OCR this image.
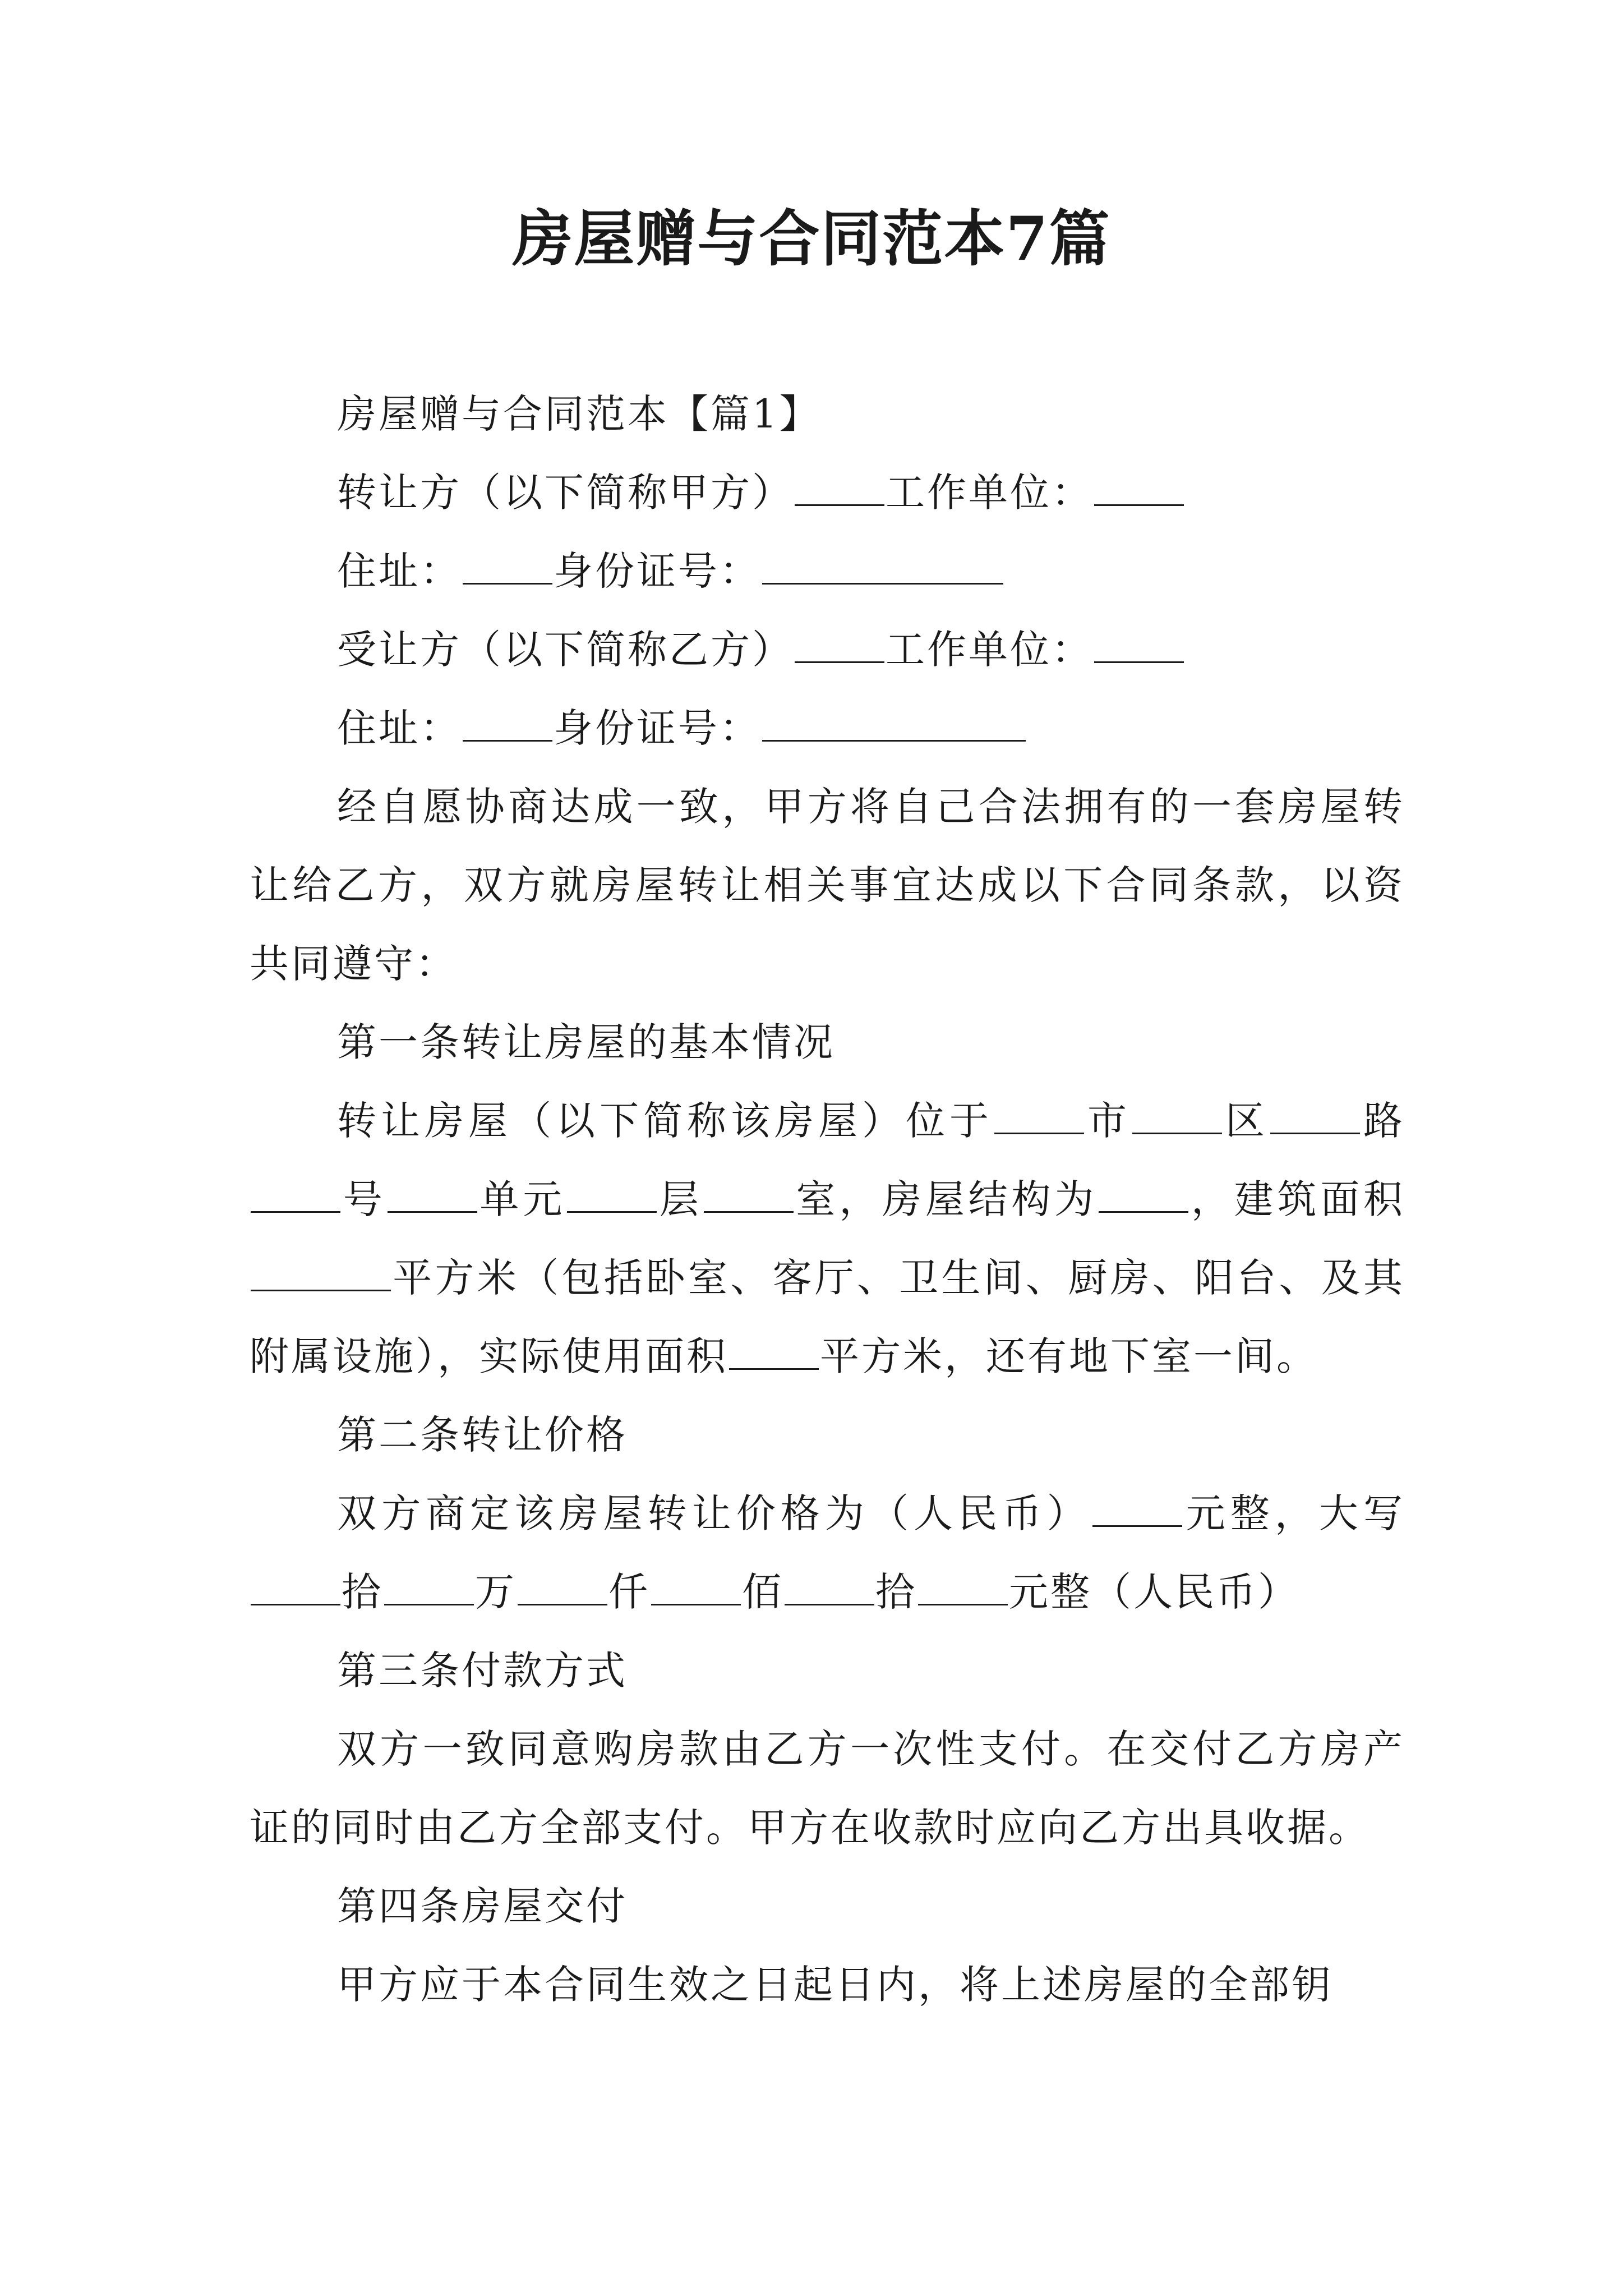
房屋赠与合同范本7篇

房屋赠与合同范本【篇1】

转让方（以下简称甲方） 工作单位：

住址： 身份证号：

受让方（以下简称乙方） 工作单位：

住址： 身份证号：

经自愿协商达成一致，甲方将自己合法拥有的一套房屋转让给乙方，双方就房屋转让相关事宜达成以下合同条款，以资共同遵守：

第一条转让房屋的基本情况

转让房屋（以下简称该房屋）位于 市 区 路号 单元 层 室，房屋结构为 ，建筑面积平方米（包括卧室、客厅、卫生间、厨房、阳台、及其附属设施），实际使用面积 平方米，还有地下室一间。

第二条转让价格

双方商定该房屋转让价格为（人民币） 元整，大写拾 万 仟 佰 拾 元整（人民币）

第三条付款方式

双方一致同意购房款由乙方一次性支付。在交付乙方房产证的同时由乙方全部支付。甲方在收款时应向乙方出具收据。

第四条房屋交付

甲方应于本合同生效之日起日内，将上述房屋的全部钥
